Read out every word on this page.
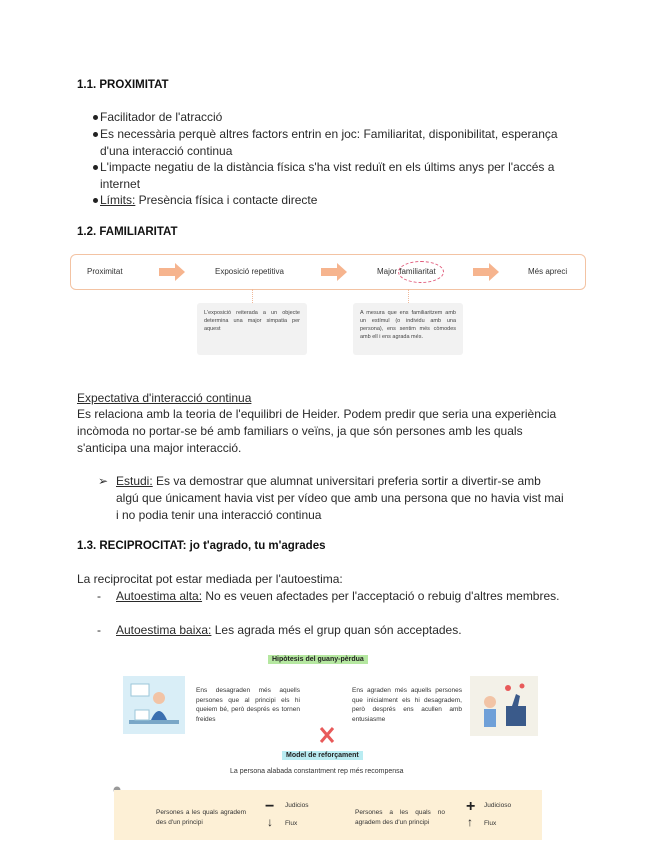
1.1. PROXIMITAT
Facilitador de l'atracció
Es necessària perquè altres factors entrin en joc: Familiaritat, disponibilitat, esperança d'una interacció continua
L'impacte negatiu de la distància física s'ha vist reduït en els últims anys per l'accés a internet
Límits: Presència física i contacte directe
1.2. FAMILIARITAT
Proximitat	Exposició repetitiva	Major familiaritat	Més apreci
L'exposició reiterada a un objecte determina una major simpatia per aquest
A mesura que ens familiaritzem amb un estímul (o individu amb una persona), ens sentim més còmodes amb ell i ens agrada més.
Expectativa d'interacció continua
Es relaciona amb la teoria de l'equilibri de Heider. Podem predir que seria una experiència incòmoda no portar-se bé amb familiars o veïns, ja que són persones amb les quals s'anticipa una major interacció.
➢ Estudi: Es va demostrar que alumnat universitari preferia sortir a divertir-se amb algú que únicament havia vist per vídeo que amb una persona que no havia vist mai i no podia tenir una interacció continua
1.3. RECIPROCITAT: jo t'agrado, tu m'agrades
La reciprocitat pot estar mediada per l'autoestima:
- Autoestima alta: No es veuen afectades per l'acceptació o rebuig d'altres membres.
- Autoestima baixa: Les agrada més el grup quan són acceptades.
Hipòtesis del guany-pèrdua
Ens desagraden més aquells persones que al principi els hi queiem bé, però després es tornen freides
Ens agraden més aquells persones que inicialment els hi desagradem, però després ens acullen amb entusiasme
Model de reforçament
La persona alabada constantment rep més recompensa
Persones a les quals agradem des d'un principi
− Judicios
↓ Flux
Persones a les quals no agradem des d'un principi
+ Judicioso
↑ Flux
